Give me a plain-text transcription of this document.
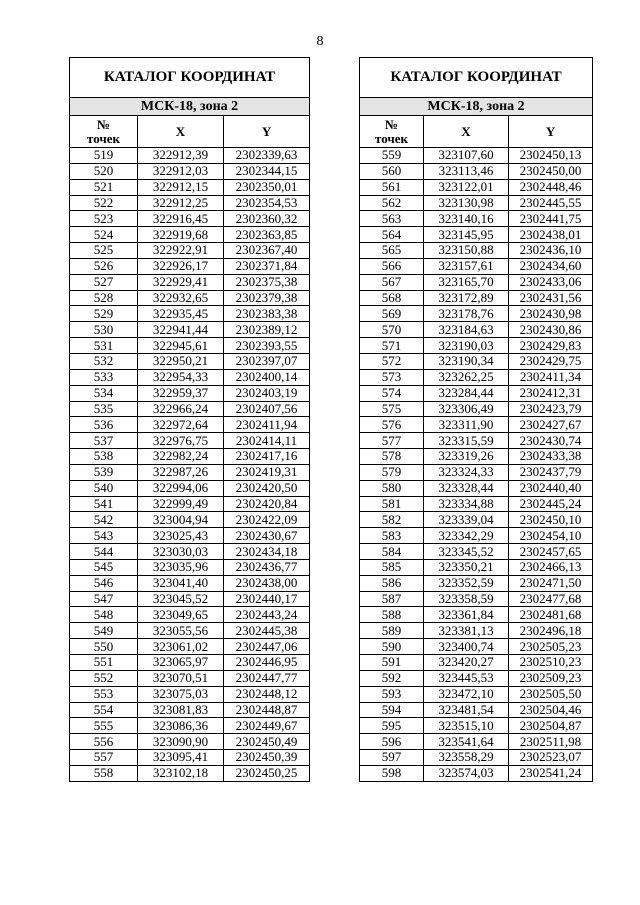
8
КАТАЛОГ КООРДИНАТ		
МСК-18, зона 2		
№
точек	X	Y
519	322912,39	2302339,63
520	322912,03	2302344,15
521	322912,15	2302350,01
522	322912,25	2302354,53
523	322916,45	2302360,32
524	322919,68	2302363,85
525	322922,91	2302367,40
526	322926,17	2302371,84
527	322929,41	2302375,38
528	322932,65	2302379,38
529	322935,45	2302383,38
530	322941,44	2302389,12
531	322945,61	2302393,55
532	322950,21	2302397,07
533	322954,33	2302400,14
534	322959,37	2302403,19
535	322966,24	2302407,56
536	322972,64	2302411,94
537	322976,75	2302414,11
538	322982,24	2302417,16
539	322987,26	2302419,31
540	322994,06	2302420,50
541	322999,49	2302420,84
542	323004,94	2302422,09
543	323025,43	2302430,67
544	323030,03	2302434,18
545	323035,96	2302436,77
546	323041,40	2302438,00
547	323045,52	2302440,17
548	323049,65	2302443,24
549	323055,56	2302445,38
550	323061,02	2302447,06
551	323065,97	2302446,95
552	323070,51	2302447,77
553	323075,03	2302448,12
554	323081,83	2302448,87
555	323086,36	2302449,67
556	323090,90	2302450,49
557	323095,41	2302450,39
558	323102,18	2302450,25
КАТАЛОГ КООРДИНАТ		
МСК-18, зона 2		
№
точек	X	Y
559	323107,60	2302450,13
560	323113,46	2302450,00
561	323122,01	2302448,46
562	323130,98	2302445,55
563	323140,16	2302441,75
564	323145,95	2302438,01
565	323150,88	2302436,10
566	323157,61	2302434,60
567	323165,70	2302433,06
568	323172,89	2302431,56
569	323178,76	2302430,98
570	323184,63	2302430,86
571	323190,03	2302429,83
572	323190,34	2302429,75
573	323262,25	2302411,34
574	323284,44	2302412,31
575	323306,49	2302423,79
576	323311,90	2302427,67
577	323315,59	2302430,74
578	323319,26	2302433,38
579	323324,33	2302437,79
580	323328,44	2302440,40
581	323334,88	2302445,24
582	323339,04	2302450,10
583	323342,29	2302454,10
584	323345,52	2302457,65
585	323350,21	2302466,13
586	323352,59	2302471,50
587	323358,59	2302477,68
588	323361,84	2302481,68
589	323381,13	2302496,18
590	323400,74	2302505,23
591	323420,27	2302510,23
592	323445,53	2302509,23
593	323472,10	2302505,50
594	323481,54	2302504,46
595	323515,10	2302504,87
596	323541,64	2302511,98
597	323558,29	2302523,07
598	323574,03	2302541,24
